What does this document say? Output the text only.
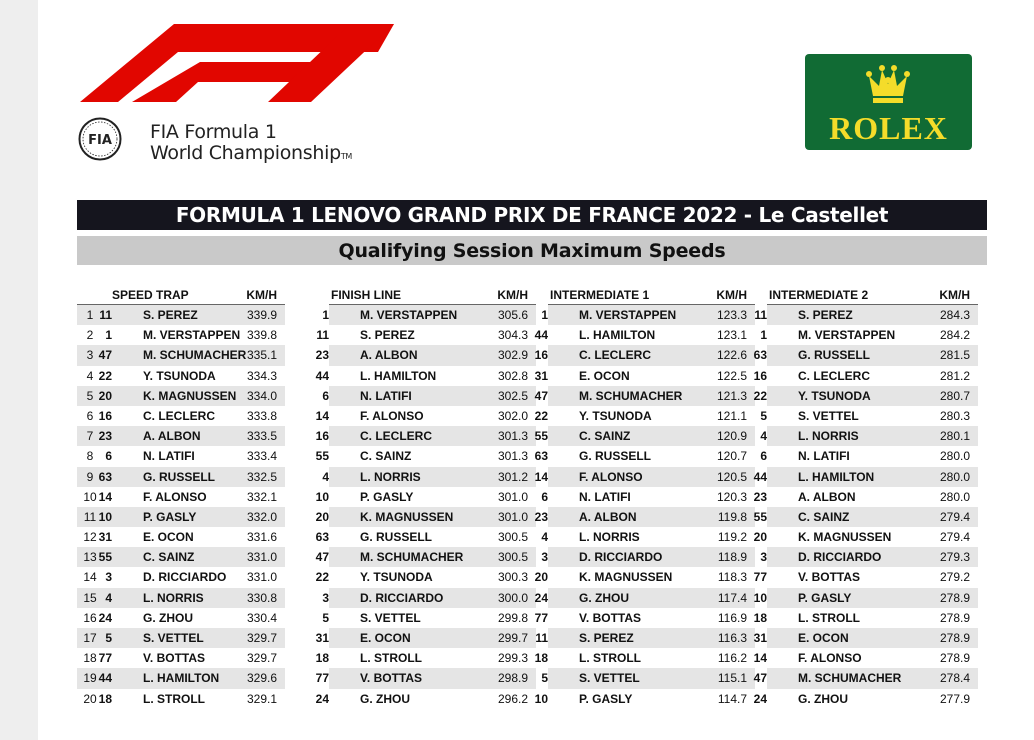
FIA FIA Formula 1
World ChampionshipTM
ROLEX
FORMULA 1 LENOVO GRAND PRIX DE FRANCE 2022 - Le Castellet
Qualifying Session Maximum Speeds
SPEED TRAP	KM/H
1 11	S. PEREZ	339.9
2 1	M. VERSTAPPEN 339.8
3 47	M. SCHUMACHER 335.1
4 22	Y. TSUNODA	334.3
5 20	K. MAGNUSSEN 334.0
6 16	C. LECLERC	333.8
7 23	A. ALBON	333.5
8 6	N. LATIFI	333.4
9 63	G. RUSSELL	332.5
10 14	F. ALONSO	332.1
11 10	P. GASLY	332.0
12 31	E. OCON	331.6
13 55	C. SAINZ	331.0
14 3	D. RICCIARDO 331.0
15 4	L. NORRIS	330.8
16 24	G. ZHOU	330.4
17 5	S. VETTEL	329.7
18 77	V. BOTTAS	329.7
19 44	L. HAMILTON 329.6
20 18	L. STROLL	329.1
FINISH LINE	KM/H
1	M. VERSTAPPEN	305.6
11	S. PEREZ	304.3
23	A. ALBON	302.9
44	L. HAMILTON	302.8
6	N. LATIFI	302.5
14	F. ALONSO	302.0
16	C. LECLERC	301.3
55	C. SAINZ	301.3
4	L. NORRIS	301.2
10	P. GASLY	301.0
20	K. MAGNUSSEN	301.0
63	G. RUSSELL	300.5
47	M. SCHUMACHER	300.5
22	Y. TSUNODA	300.3
3	D. RICCIARDO	300.0
5	S. VETTEL	299.8
31	E. OCON	299.7
18	L. STROLL	299.3
77	V. BOTTAS	298.9
24	G. ZHOU	296.2
INTERMEDIATE 1	KM/H
1	M. VERSTAPPEN	123.3
44	L. HAMILTON	123.1
16	C. LECLERC	122.6
31	E. OCON	122.5
47	M. SCHUMACHER	121.3
22	Y. TSUNODA	121.1
55	C. SAINZ	120.9
63	G. RUSSELL	120.7
14	F. ALONSO	120.5
6	N. LATIFI	120.3
23	A. ALBON	119.8
4	L. NORRIS	119.2
3	D. RICCIARDO	118.9
20	K. MAGNUSSEN	118.3
24	G. ZHOU	117.4
77	V. BOTTAS	116.9
11	S. PEREZ	116.3
18	L. STROLL	116.2
5	S. VETTEL	115.1
10	P. GASLY	114.7
INTERMEDIATE 2	KM/H
11	S. PEREZ	284.3
1	M. VERSTAPPEN	284.2
63	G. RUSSELL	281.5
16	C. LECLERC	281.2
22	Y. TSUNODA	280.7
5	S. VETTEL	280.3
4	L. NORRIS	280.1
6	N. LATIFI	280.0
44	L. HAMILTON	280.0
23	A. ALBON	280.0
55	C. SAINZ	279.4
20	K. MAGNUSSEN	279.4
3	D. RICCIARDO	279.3
77	V. BOTTAS	279.2
10	P. GASLY	278.9
18	L. STROLL	278.9
31	E. OCON	278.9
14	F. ALONSO	278.9
47	M. SCHUMACHER	278.4
24	G. ZHOU	277.9
